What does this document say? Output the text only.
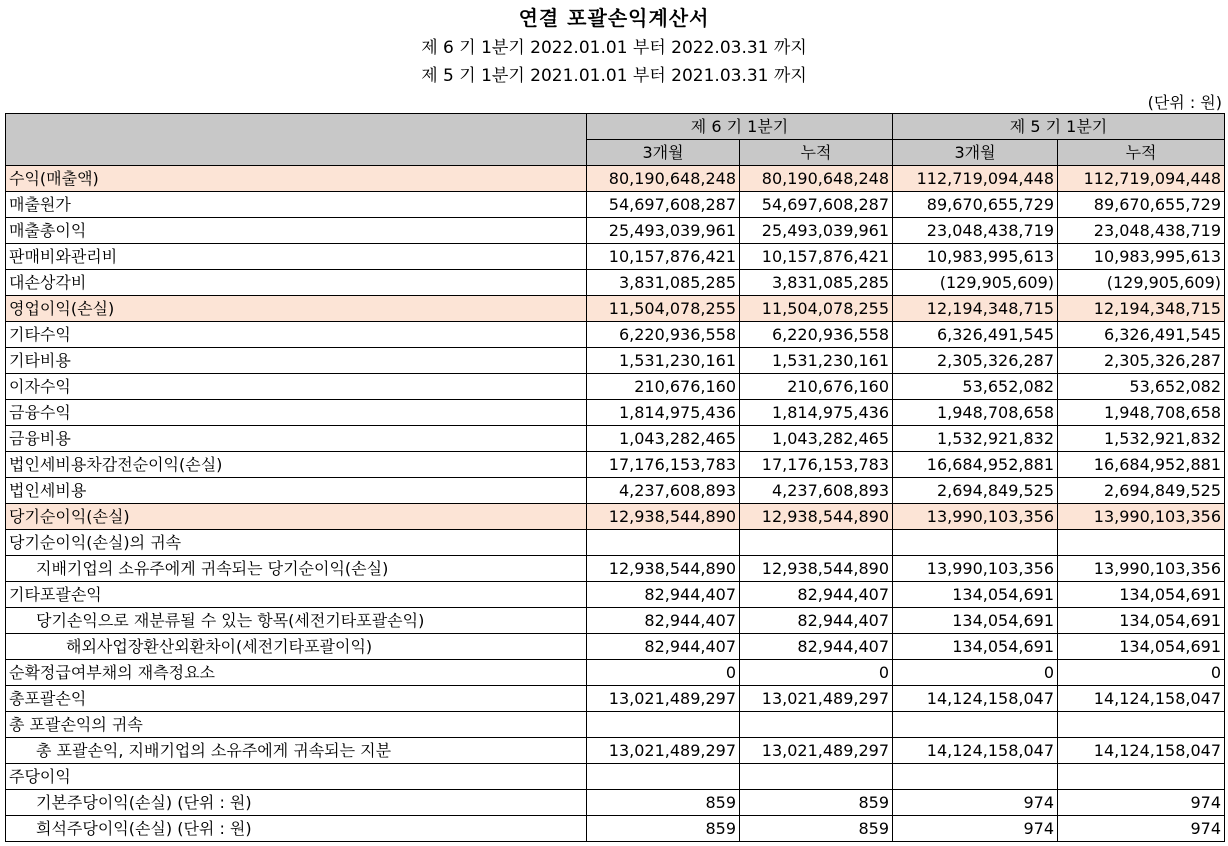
연결 포괄손익계산서
제 6 기 1분기 2022.01.01 부터 2022.03.31 까지
제 5 기 1분기 2021.01.01 부터 2021.03.31 까지
(단위 : 원)
	제 6 기 1분기		제 5 기 1분기	
	3개월	누적	3개월	누적
수익(매출액)	80,190,648,248	80,190,648,248	112,719,094,448	112,719,094,448
매출원가	54,697,608,287	54,697,608,287	89,670,655,729	89,670,655,729
매출총이익	25,493,039,961	25,493,039,961	23,048,438,719	23,048,438,719
판매비와관리비	10,157,876,421	10,157,876,421	10,983,995,613	10,983,995,613
대손상각비	3,831,085,285	3,831,085,285	(129,905,609)	(129,905,609)
영업이익(손실)	11,504,078,255	11,504,078,255	12,194,348,715	12,194,348,715
기타수익	6,220,936,558	6,220,936,558	6,326,491,545	6,326,491,545
기타비용	1,531,230,161	1,531,230,161	2,305,326,287	2,305,326,287
이자수익	210,676,160	210,676,160	53,652,082	53,652,082
금융수익	1,814,975,436	1,814,975,436	1,948,708,658	1,948,708,658
금융비용	1,043,282,465	1,043,282,465	1,532,921,832	1,532,921,832
법인세비용차감전순이익(손실)	17,176,153,783	17,176,153,783	16,684,952,881	16,684,952,881
법인세비용	4,237,608,893	4,237,608,893	2,694,849,525	2,694,849,525
당기순이익(손실)	12,938,544,890	12,938,544,890	13,990,103,356	13,990,103,356
당기순이익(손실)의 귀속				
지배기업의 소유주에게 귀속되는 당기순이익(손실)	12,938,544,890	12,938,544,890	13,990,103,356	13,990,103,356
기타포괄손익	82,944,407	82,944,407	134,054,691	134,054,691
당기손익으로 재분류될 수 있는 항목(세전기타포괄손익)	82,944,407	82,944,407	134,054,691	134,054,691
해외사업장환산외환차이(세전기타포괄이익)	82,944,407	82,944,407	134,054,691	134,054,691
순확정급여부채의 재측정요소	0	0	0	0
총포괄손익	13,021,489,297	13,021,489,297	14,124,158,047	14,124,158,047
총 포괄손익의 귀속				
총 포괄손익, 지배기업의 소유주에게 귀속되는 지분	13,021,489,297	13,021,489,297	14,124,158,047	14,124,158,047
주당이익				
기본주당이익(손실) (단위 : 원)	859	859	974	974
희석주당이익(손실) (단위 : 원)	859	859	974	974
